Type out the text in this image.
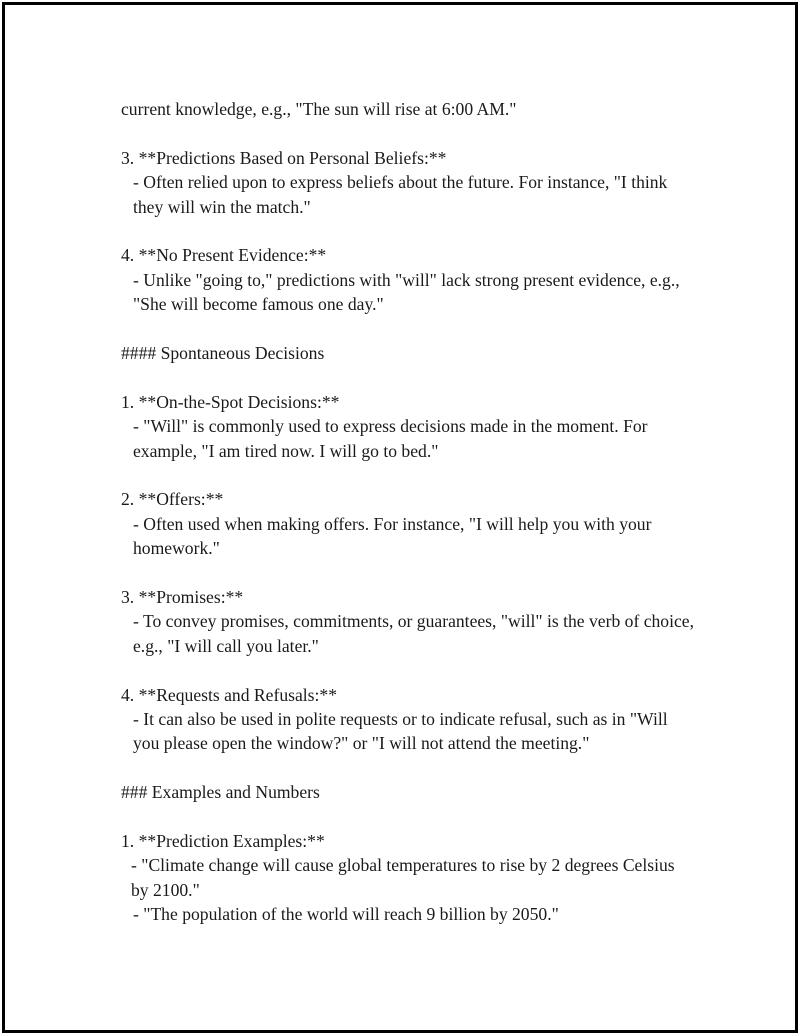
current knowledge, e.g., "The sun will rise at 6:00 AM."

3. **Predictions Based on Personal Beliefs:**
- Often relied upon to express beliefs about the future. For instance, "I think they will win the match."

4. **No Present Evidence:**
- Unlike "going to," predictions with "will" lack strong present evidence, e.g., "She will become famous one day."

#### Spontaneous Decisions

1. **On-the-Spot Decisions:**
- "Will" is commonly used to express decisions made in the moment. For example, "I am tired now. I will go to bed."

2. **Offers:**
- Often used when making offers. For instance, "I will help you with your homework."

3. **Promises:**
- To convey promises, commitments, or guarantees, "will" is the verb of choice, e.g., "I will call you later."

4. **Requests and Refusals:**
- It can also be used in polite requests or to indicate refusal, such as in "Will you please open the window?" or "I will not attend the meeting."

### Examples and Numbers

1. **Prediction Examples:**
- "Climate change will cause global temperatures to rise by 2 degrees Celsius by 2100."
- "The population of the world will reach 9 billion by 2050."
